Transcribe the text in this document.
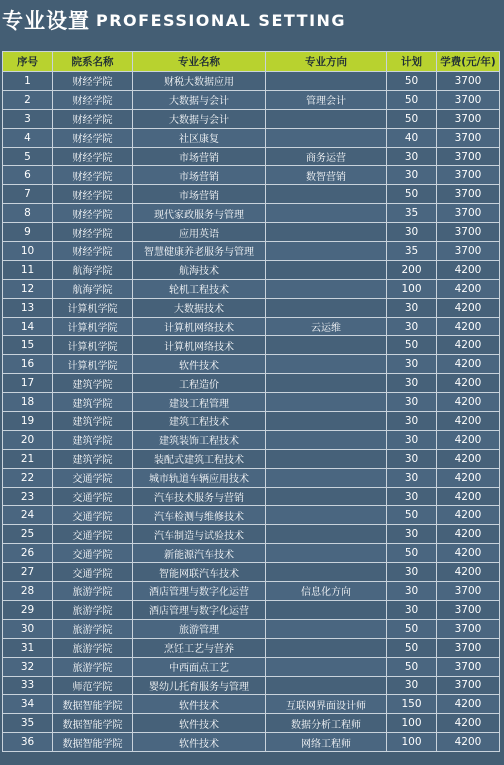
专业设置 PROFESSIONAL SETTING
序号	院系名称	专业名称	专业方向	计划	学费(元/年)
1	财经学院	财税大数据应用		50	3700
2	财经学院	大数据与会计	管理会计	50	3700
3	财经学院	大数据与会计		50	3700
4	财经学院	社区康复		40	3700
5	财经学院	市场营销	商务运营	30	3700
6	财经学院	市场营销	数智营销	30	3700
7	财经学院	市场营销		50	3700
8	财经学院	现代家政服务与管理		35	3700
9	财经学院	应用英语		30	3700
10	财经学院	智慧健康养老服务与管理		35	3700
11	航海学院	航海技术		200	4200
12	航海学院	轮机工程技术		100	4200
13	计算机学院	大数据技术		30	4200
14	计算机学院	计算机网络技术	云运维	30	4200
15	计算机学院	计算机网络技术		50	4200
16	计算机学院	软件技术		30	4200
17	建筑学院	工程造价		30	4200
18	建筑学院	建设工程管理		30	4200
19	建筑学院	建筑工程技术		30	4200
20	建筑学院	建筑装饰工程技术		30	4200
21	建筑学院	装配式建筑工程技术		30	4200
22	交通学院	城市轨道车辆应用技术		30	4200
23	交通学院	汽车技术服务与营销		30	4200
24	交通学院	汽车检测与维修技术		50	4200
25	交通学院	汽车制造与试验技术		30	4200
26	交通学院	新能源汽车技术		50	4200
27	交通学院	智能网联汽车技术		30	4200
28	旅游学院	酒店管理与数字化运营	信息化方向	30	3700
29	旅游学院	酒店管理与数字化运营		30	3700
30	旅游学院	旅游管理		50	3700
31	旅游学院	烹饪工艺与营养		50	3700
32	旅游学院	中西面点工艺		50	3700
33	师范学院	婴幼儿托育服务与管理		30	3700
34	数据智能学院	软件技术	互联网界面设计师	150	4200
35	数据智能学院	软件技术	数据分析工程师	100	4200
36	数据智能学院	软件技术	网络工程师	100	4200
